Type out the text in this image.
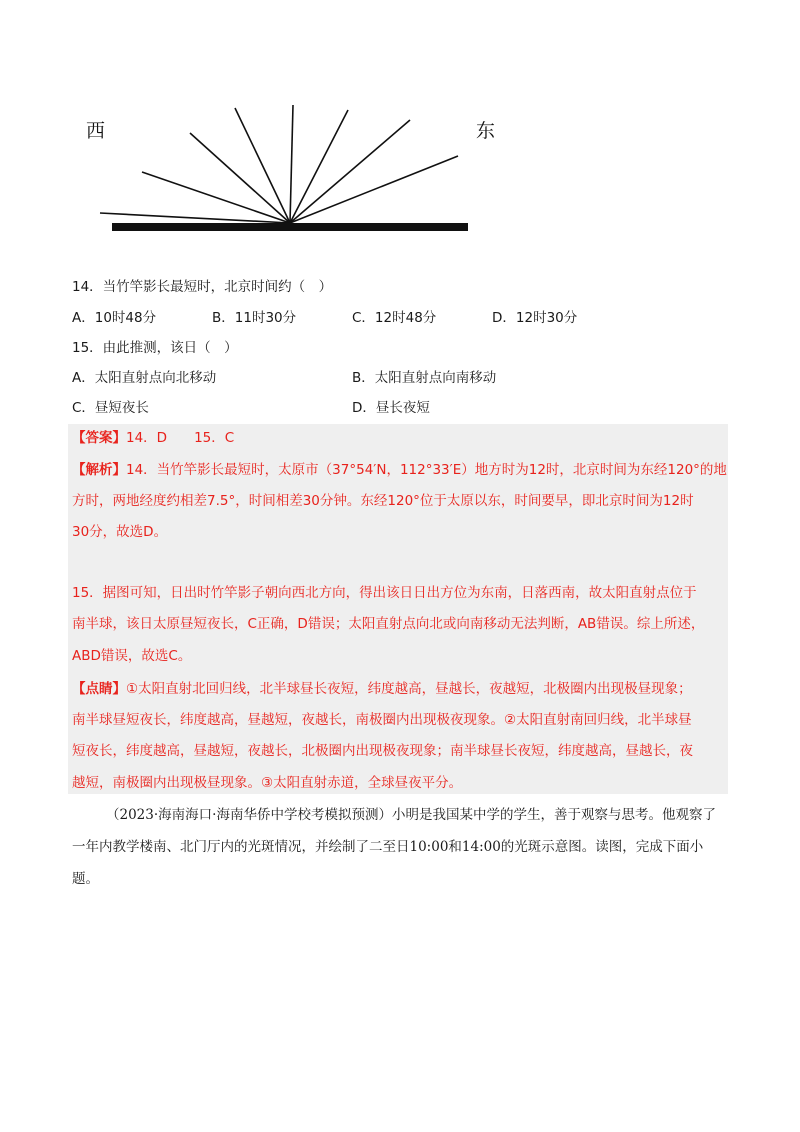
西	东
14．当竹竿影长最短时，北京时间约（　）
A．10时48分	B．11时30分	C．12时48分	D．12时30分
15．由此推测，该日（　）
A．太阳直射点向北移动	B．太阳直射点向南移动
C．昼短夜长	D．昼长夜短
【答案】14．D　　15．C
【解析】14．当竹竿影长最短时，太原市（37°54′N，112°33′E）地方时为12时，北京时间为东经120°的地
方时，两地经度约相差7.5°，时间相差30分钟。东经120°位于太原以东，时间要早，即北京时间为12时
30分，故选D。
15．据图可知，日出时竹竿影子朝向西北方向，得出该日日出方位为东南，日落西南，故太阳直射点位于
南半球，该日太原昼短夜长，C正确，D错误；太阳直射点向北或向南移动无法判断，AB错误。综上所述，
ABD错误，故选C。
【点睛】①太阳直射北回归线，北半球昼长夜短，纬度越高，昼越长，夜越短，北极圈内出现极昼现象；
南半球昼短夜长，纬度越高，昼越短，夜越长，南极圈内出现极夜现象。②太阳直射南回归线，北半球昼
短夜长，纬度越高，昼越短，夜越长，北极圈内出现极夜现象；南半球昼长夜短，纬度越高，昼越长，夜
越短，南极圈内出现极昼现象。③太阳直射赤道，全球昼夜平分。
（2023·海南海口·海南华侨中学校考模拟预测）小明是我国某中学的学生，善于观察与思考。他观察了
一年内教学楼南、北门厅内的光斑情况，并绘制了二至日10:00和14:00的光斑示意图。读图，完成下面小
题。
